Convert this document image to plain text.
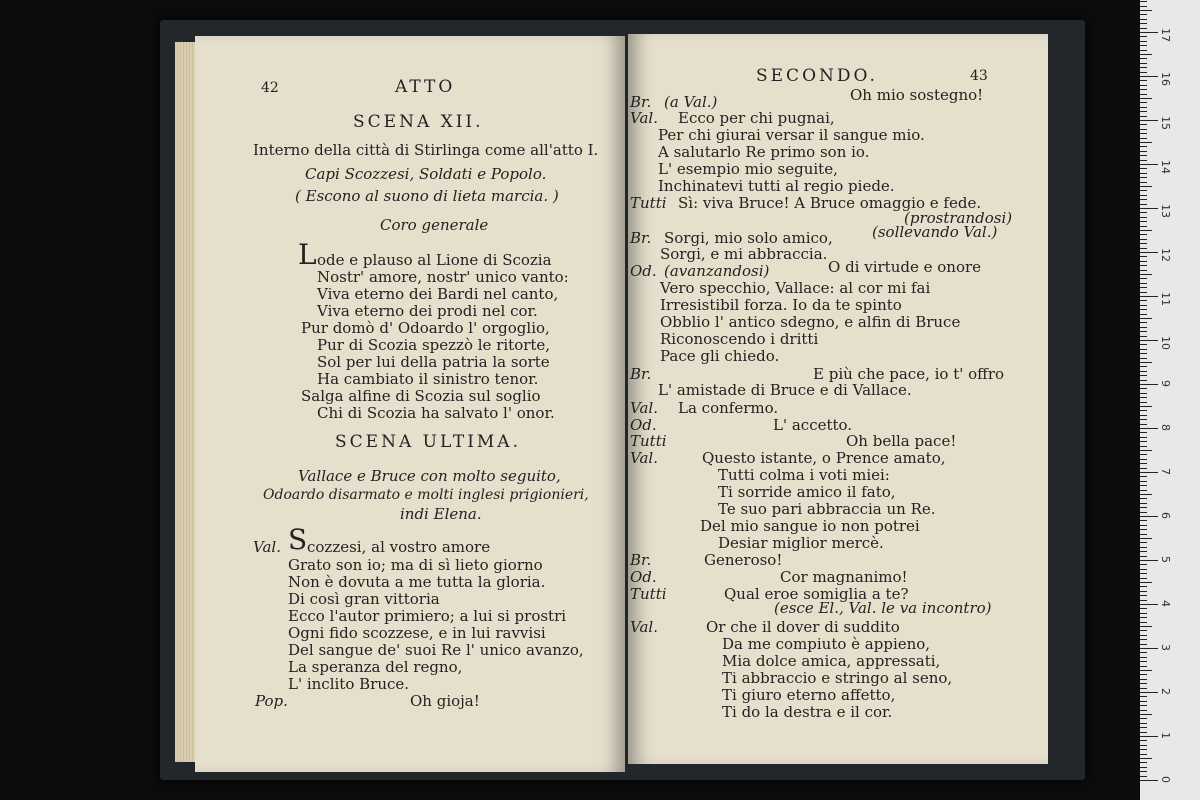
42	ATTO
SCENA XII.
Interno della città di Stirlinga come all'atto I.
Capi Scozzesi, Soldati e Popolo.
( Escono al suono di lieta marcia. )
Coro generale
L ode e plauso al Lione di Scozia
Nostr' amore, nostr' unico vanto:
Viva eterno dei Bardi nel canto,
Viva eterno dei prodi nel cor.
Pur domò d' Odoardo l' orgoglio,
Pur di Scozia spezzò le ritorte,
Sol per lui della patria la sorte
Ha cambiato il sinistro tenor.
Salga alfine di Scozia sul soglio
Chi di Scozia ha salvato l' onor.
SCENA ULTIMA.
Vallace e Bruce con molto seguito,
Odoardo disarmato e molti inglesi prigionieri,
indi Elena.
Val. S cozzesi, al vostro amore
Grato son io; ma di sì lieto giorno
Non è dovuta a me tutta la gloria.
Di così gran vittoria
Ecco l'autor primiero; a lui si prostri
Ogni fido scozzese, e in lui ravvisi
Del sangue de' suoi Re l' unico avanzo,
La speranza del regno,
L' inclito Bruce.
Pop.	Oh gioja!
SECONDO.	43
Oh mio sostegno!
Br. (a Val.)
Val. Ecco per chi pugnai,
Per chi giurai versar il sangue mio.
A salutarlo Re primo son io.
L' esempio mio seguite,
Inchinatevi tutti al regio piede.
Tutti Sì: viva Bruce! A Bruce omaggio e fede.
(prostrandosi)
Br. Sorgi, mio solo amico,	(sollevando Val.)
Sorgi, e mi abbraccia.
Od. (avanzandosi)	O di virtude e onore
Vero specchio, Vallace: al cor mi fai
Irresistibil forza. Io da te spinto
Obblio l' antico sdegno, e alfin di Bruce
Riconoscendo i dritti
Pace gli chiedo.
Br.	E più che pace, io t' offro
L' amistade di Bruce e di Vallace.
Val. La confermo.
Od.	L' accetto.
Tutti	Oh bella pace!
Val.	Questo istante, o Prence amato,
Tutti colma i voti miei:
Ti sorride amico il fato,
Te suo pari abbraccia un Re.
Del mio sangue io non potrei
Desiar miglior mercè.
Br.	Generoso!
Od.	Cor magnanimo!
Tutti	Qual eroe somiglia a te?
(esce El., Val. le va incontro)
Val.	Or che il dover di suddito
Da me compiuto è appieno,
Mia dolce amica, appressati,
Ti abbraccio e stringo al seno,
Ti giuro eterno affetto,
Ti do la destra e il cor.
0
1
2
3
4
5
6
7
8
9
10
11
12
13
14
15
16
17
